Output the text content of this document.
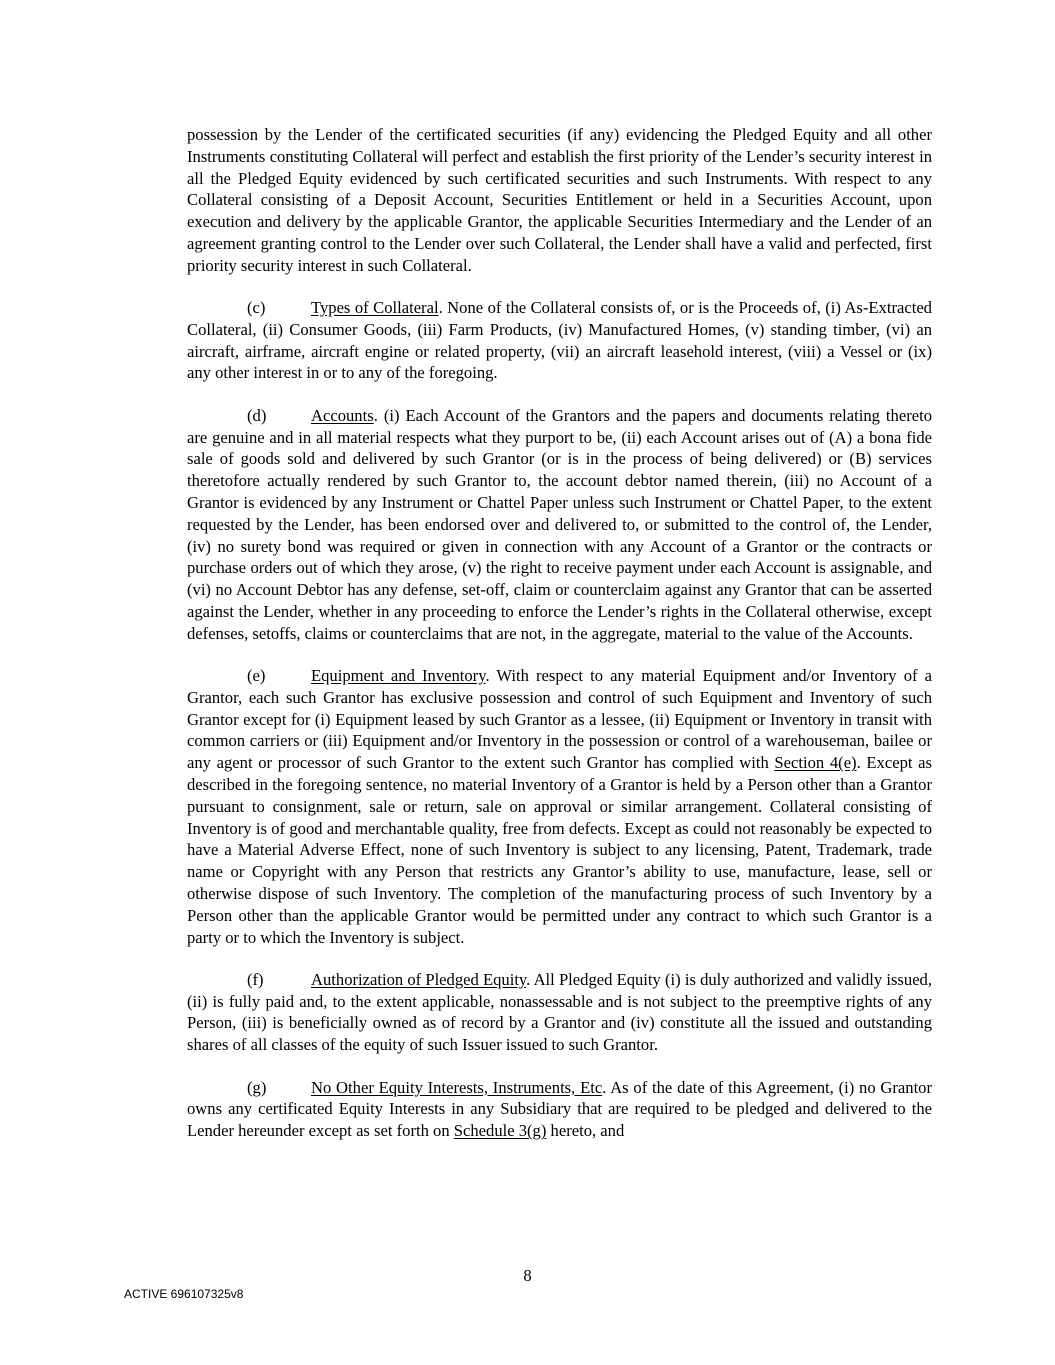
possession by the Lender of the certificated securities (if any) evidencing the Pledged Equity and all other Instruments constituting Collateral will perfect and establish the first priority of the Lender’s security interest in all the Pledged Equity evidenced by such certificated securities and such Instruments. With respect to any Collateral consisting of a Deposit Account, Securities Entitlement or held in a Securities Account, upon execution and delivery by the applicable Grantor, the applicable Securities Intermediary and the Lender of an agreement granting control to the Lender over such Collateral, the Lender shall have a valid and perfected, first priority security interest in such Collateral.

(c)	Types of Collateral. None of the Collateral consists of, or is the Proceeds of, (i) As-Extracted Collateral, (ii) Consumer Goods, (iii) Farm Products, (iv) Manufactured Homes, (v) standing timber, (vi) an aircraft, airframe, aircraft engine or related property, (vii) an aircraft leasehold interest, (viii) a Vessel or (ix) any other interest in or to any of the foregoing.

(d)	Accounts. (i) Each Account of the Grantors and the papers and documents relating thereto are genuine and in all material respects what they purport to be, (ii) each Account arises out of (A) a bona fide sale of goods sold and delivered by such Grantor (or is in the process of being delivered) or (B) services theretofore actually rendered by such Grantor to, the account debtor named therein, (iii) no Account of a Grantor is evidenced by any Instrument or Chattel Paper unless such Instrument or Chattel Paper, to the extent requested by the Lender, has been endorsed over and delivered to, or submitted to the control of, the Lender, (iv) no surety bond was required or given in connection with any Account of a Grantor or the contracts or purchase orders out of which they arose, (v) the right to receive payment under each Account is assignable, and (vi) no Account Debtor has any defense, set-off, claim or counterclaim against any Grantor that can be asserted against the Lender, whether in any proceeding to enforce the Lender’s rights in the Collateral otherwise, except defenses, setoffs, claims or counterclaims that are not, in the aggregate, material to the value of the Accounts.

(e)	Equipment and Inventory. With respect to any material Equipment and/or Inventory of a Grantor, each such Grantor has exclusive possession and control of such Equipment and Inventory of such Grantor except for (i) Equipment leased by such Grantor as a lessee, (ii) Equipment or Inventory in transit with common carriers or (iii) Equipment and/or Inventory in the possession or control of a warehouseman, bailee or any agent or processor of such Grantor to the extent such Grantor has complied with Section 4(e). Except as described in the foregoing sentence, no material Inventory of a Grantor is held by a Person other than a Grantor pursuant to consignment, sale or return, sale on approval or similar arrangement. Collateral consisting of Inventory is of good and merchantable quality, free from defects. Except as could not reasonably be expected to have a Material Adverse Effect, none of such Inventory is subject to any licensing, Patent, Trademark, trade name or Copyright with any Person that restricts any Grantor’s ability to use, manufacture, lease, sell or otherwise dispose of such Inventory. The completion of the manufacturing process of such Inventory by a Person other than the applicable Grantor would be permitted under any contract to which such Grantor is a party or to which the Inventory is subject.

(f)	Authorization of Pledged Equity. All Pledged Equity (i) is duly authorized and validly issued, (ii) is fully paid and, to the extent applicable, nonassessable and is not subject to the preemptive rights of any Person, (iii) is beneficially owned as of record by a Grantor and (iv) constitute all the issued and outstanding shares of all classes of the equity of such Issuer issued to such Grantor.

(g)	No Other Equity Interests, Instruments, Etc. As of the date of this Agreement, (i) no Grantor owns any certificated Equity Interests in any Subsidiary that are required to be pledged and delivered to the Lender hereunder except as set forth on Schedule 3(g) hereto, and

8
ACTIVE 696107325v8
